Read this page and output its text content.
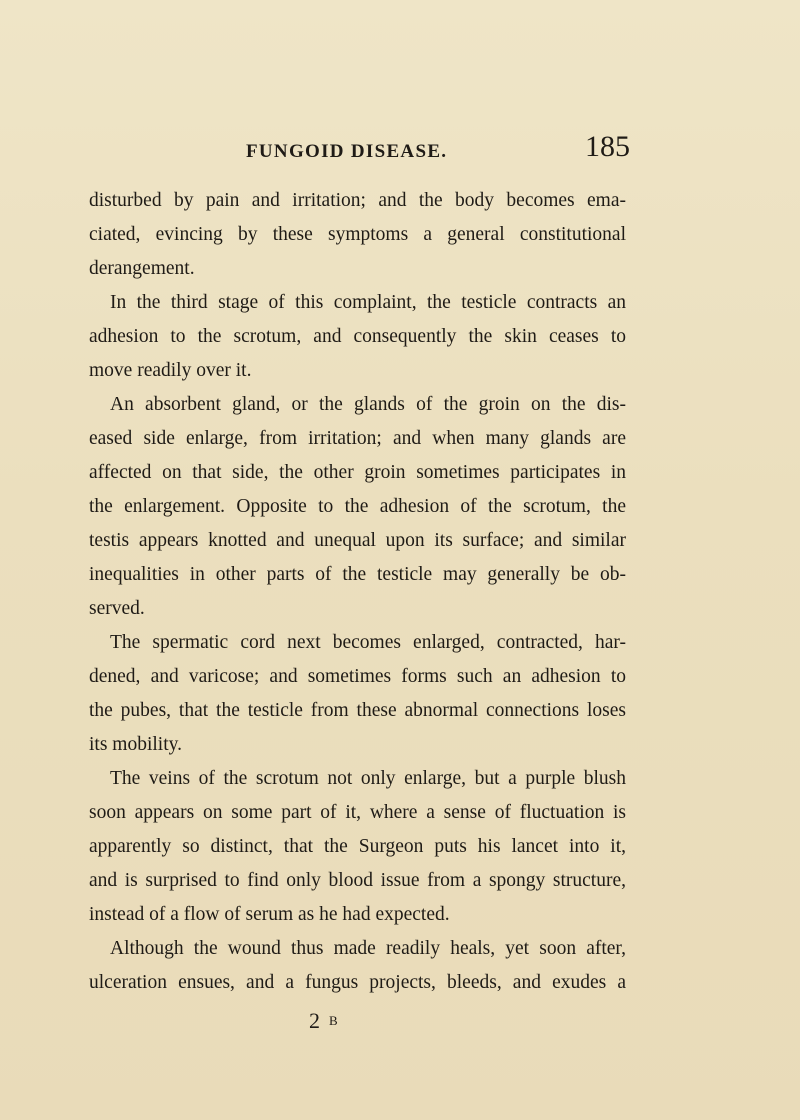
FUNGOID DISEASE.	185
disturbed by pain and irritation; and the body becomes ema-
ciated, evincing by these symptoms a general constitutional
derangement.
In the third stage of this complaint, the testicle contracts an
adhesion to the scrotum, and consequently the skin ceases to
move readily over it.
An absorbent gland, or the glands of the groin on the dis-
eased side enlarge, from irritation; and when many glands are
affected on that side, the other groin sometimes participates in
the enlargement. Opposite to the adhesion of the scrotum, the
testis appears knotted and unequal upon its surface; and similar
inequalities in other parts of the testicle may generally be ob-
served.
The spermatic cord next becomes enlarged, contracted, har-
dened, and varicose; and sometimes forms such an adhesion to
the pubes, that the testicle from these abnormal connections loses
its mobility.
The veins of the scrotum not only enlarge, but a purple blush
soon appears on some part of it, where a sense of fluctuation is
apparently so distinct, that the Surgeon puts his lancet into it,
and is surprised to find only blood issue from a spongy structure,
instead of a flow of serum as he had expected.
Although the wound thus made readily heals, yet soon after,
ulceration ensues, and a fungus projects, bleeds, and exudes a
2 B
